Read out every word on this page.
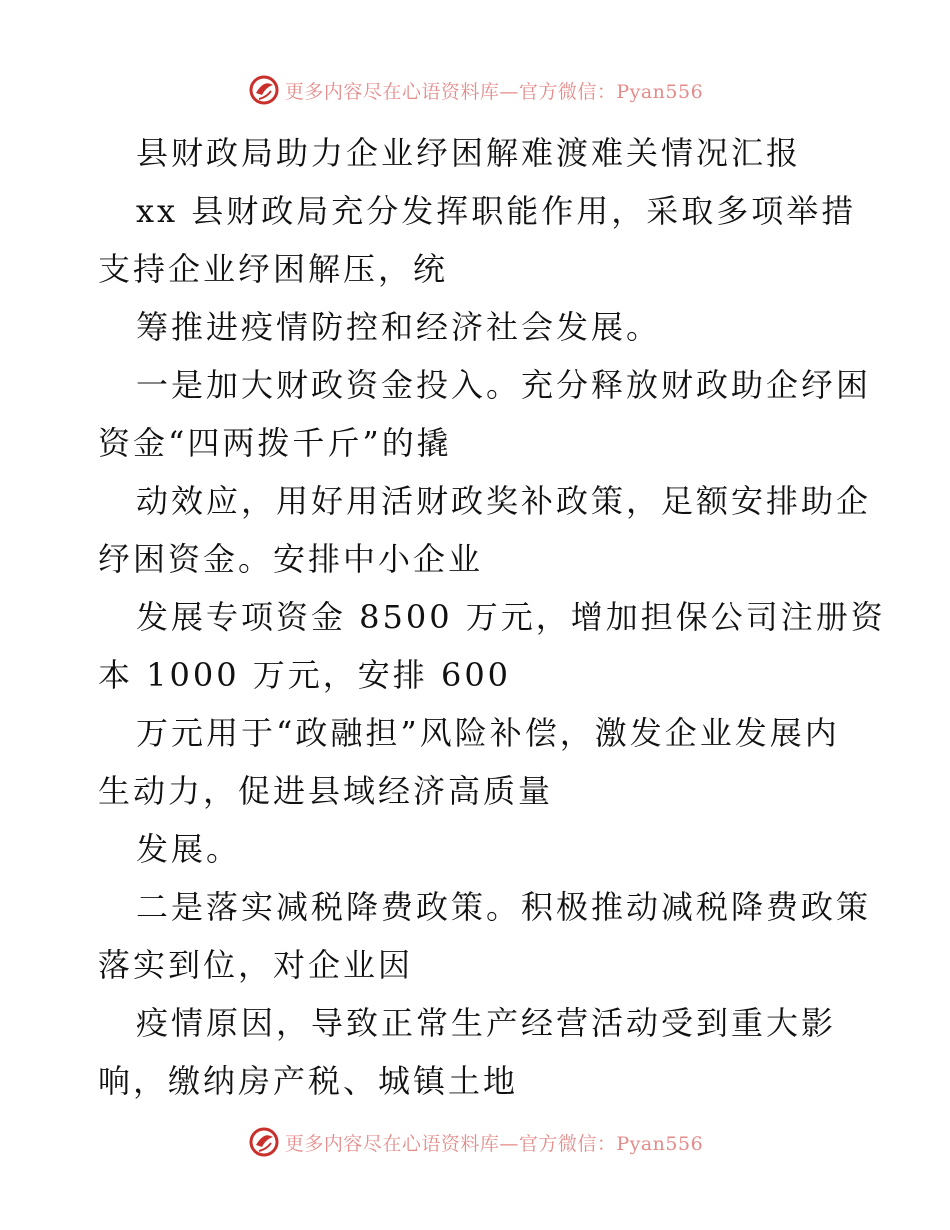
更多内容尽在心语资料库—官方微信：Pyan556
县财政局助力企业纾困解难渡难关情况汇报
xx 县财政局充分发挥职能作用，采取多项举措
支持企业纾困解压，统
筹推进疫情防控和经济社会发展。
一是加大财政资金投入。充分释放财政助企纾困
资金“四两拨千斤”的撬
动效应，用好用活财政奖补政策，足额安排助企
纾困资金。安排中小企业
发展专项资金 8500 万元，增加担保公司注册资
本 1000 万元，安排 600
万元用于“政融担”风险补偿，激发企业发展内
生动力，促进县域经济高质量
发展。
二是落实减税降费政策。积极推动减税降费政策
落实到位，对企业因
疫情原因，导致正常生产经营活动受到重大影
响，缴纳房产税、城镇土地
更多内容尽在心语资料库—官方微信：Pyan556
